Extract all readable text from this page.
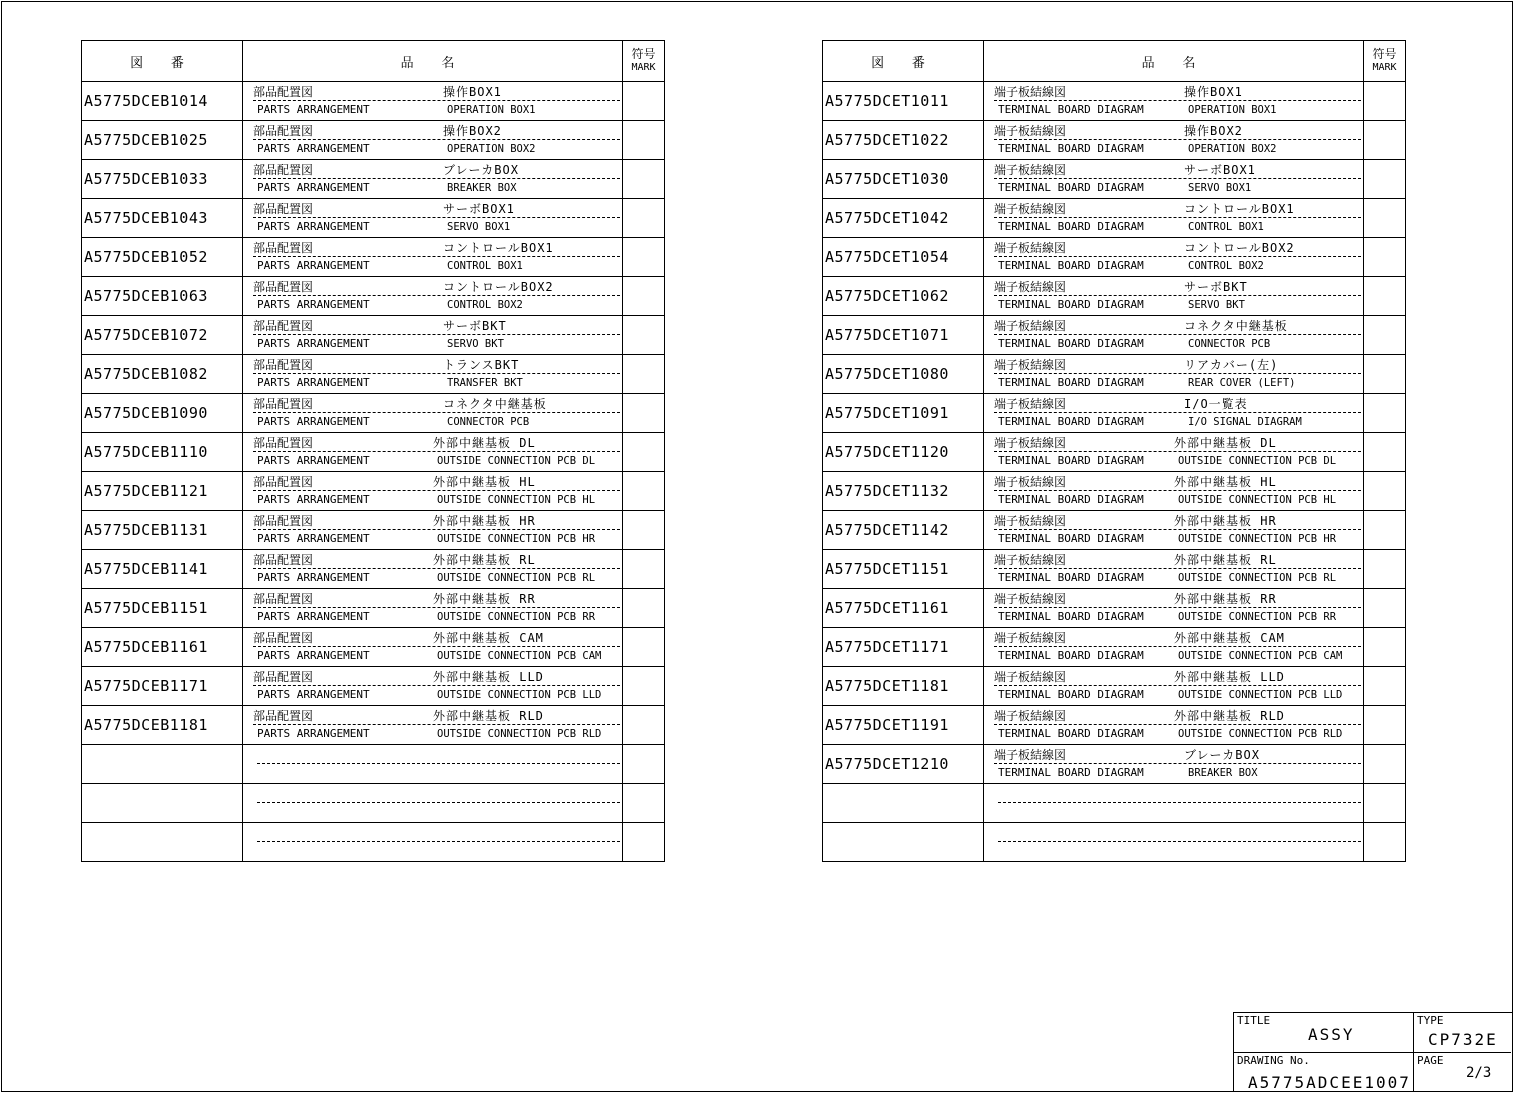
図 番	品 名	符号
MARK

A5775DCEB1014	部品配置図 操作BOX1
PARTS ARRANGEMENT OPERATION BOX1	

A5775DCEB1025	部品配置図 操作BOX2
PARTS ARRANGEMENT OPERATION BOX2	

A5775DCEB1033	部品配置図 ブレーカBOX
PARTS ARRANGEMENT BREAKER BOX	

A5775DCEB1043	部品配置図 サーボBOX1
PARTS ARRANGEMENT SERVO BOX1	

A5775DCEB1052	部品配置図 コントロールBOX1
PARTS ARRANGEMENT CONTROL BOX1	

A5775DCEB1063	部品配置図 コントロールBOX2
PARTS ARRANGEMENT CONTROL BOX2	

A5775DCEB1072	部品配置図 サーボBKT
PARTS ARRANGEMENT SERVO BKT	

A5775DCEB1082	部品配置図 トランスBKT
PARTS ARRANGEMENT TRANSFER BKT	

A5775DCEB1090	部品配置図 コネクタ中継基板
PARTS ARRANGEMENT CONNECTOR PCB	

A5775DCEB1110	部品配置図 外部中継基板 DL
PARTS ARRANGEMENT OUTSIDE CONNECTION PCB DL	

A5775DCEB1121	部品配置図 外部中継基板 HL
PARTS ARRANGEMENT OUTSIDE CONNECTION PCB HL	

A5775DCEB1131	部品配置図 外部中継基板 HR
PARTS ARRANGEMENT OUTSIDE CONNECTION PCB HR	

A5775DCEB1141	部品配置図 外部中継基板 RL
PARTS ARRANGEMENT OUTSIDE CONNECTION PCB RL	

A5775DCEB1151	部品配置図 外部中継基板 RR
PARTS ARRANGEMENT OUTSIDE CONNECTION PCB RR	

A5775DCEB1161	部品配置図 外部中継基板 CAM
PARTS ARRANGEMENT OUTSIDE CONNECTION PCB CAM	

A5775DCEB1171	部品配置図 外部中継基板 LLD
PARTS ARRANGEMENT OUTSIDE CONNECTION PCB LLD	

A5775DCEB1181	部品配置図 外部中継基板 RLD
PARTS ARRANGEMENT OUTSIDE CONNECTION PCB RLD	

図 番	品 名	符号
MARK

A5775DCET1011	端子板結線図 操作BOX1
TERMINAL BOARD DIAGRAM OPERATION BOX1	

A5775DCET1022	端子板結線図 操作BOX2
TERMINAL BOARD DIAGRAM OPERATION BOX2	

A5775DCET1030	端子板結線図 サーボBOX1
TERMINAL BOARD DIAGRAM SERVO BOX1	

A5775DCET1042	端子板結線図 コントロールBOX1
TERMINAL BOARD DIAGRAM CONTROL BOX1	

A5775DCET1054	端子板結線図 コントロールBOX2
TERMINAL BOARD DIAGRAM CONTROL BOX2	

A5775DCET1062	端子板結線図 サーボBKT
TERMINAL BOARD DIAGRAM SERVO BKT	

A5775DCET1071	端子板結線図 コネクタ中継基板
TERMINAL BOARD DIAGRAM CONNECTOR PCB	

A5775DCET1080	端子板結線図 リアカバー(左)
TERMINAL BOARD DIAGRAM REAR COVER (LEFT)	

A5775DCET1091	端子板結線図 I/O一覧表
TERMINAL BOARD DIAGRAM I/O SIGNAL DIAGRAM	

A5775DCET1120	端子板結線図 外部中継基板 DL
TERMINAL BOARD DIAGRAM OUTSIDE CONNECTION PCB DL	

A5775DCET1132	端子板結線図 外部中継基板 HL
TERMINAL BOARD DIAGRAM OUTSIDE CONNECTION PCB HL	

A5775DCET1142	端子板結線図 外部中継基板 HR
TERMINAL BOARD DIAGRAM OUTSIDE CONNECTION PCB HR	

A5775DCET1151	端子板結線図 外部中継基板 RL
TERMINAL BOARD DIAGRAM OUTSIDE CONNECTION PCB RL	

A5775DCET1161	端子板結線図 外部中継基板 RR
TERMINAL BOARD DIAGRAM OUTSIDE CONNECTION PCB RR	

A5775DCET1171	端子板結線図 外部中継基板 CAM
TERMINAL BOARD DIAGRAM OUTSIDE CONNECTION PCB CAM	

A5775DCET1181	端子板結線図 外部中継基板 LLD
TERMINAL BOARD DIAGRAM OUTSIDE CONNECTION PCB LLD	

A5775DCET1191	端子板結線図 外部中継基板 RLD
TERMINAL BOARD DIAGRAM OUTSIDE CONNECTION PCB RLD	

A5775DCET1210	端子板結線図 ブレーカBOX
TERMINAL BOARD DIAGRAM BREAKER BOX	

TITLE
ASSY
TYPE
CP732E
DRAWING No.
A5775ADCEE1007
PAGE
2/3
